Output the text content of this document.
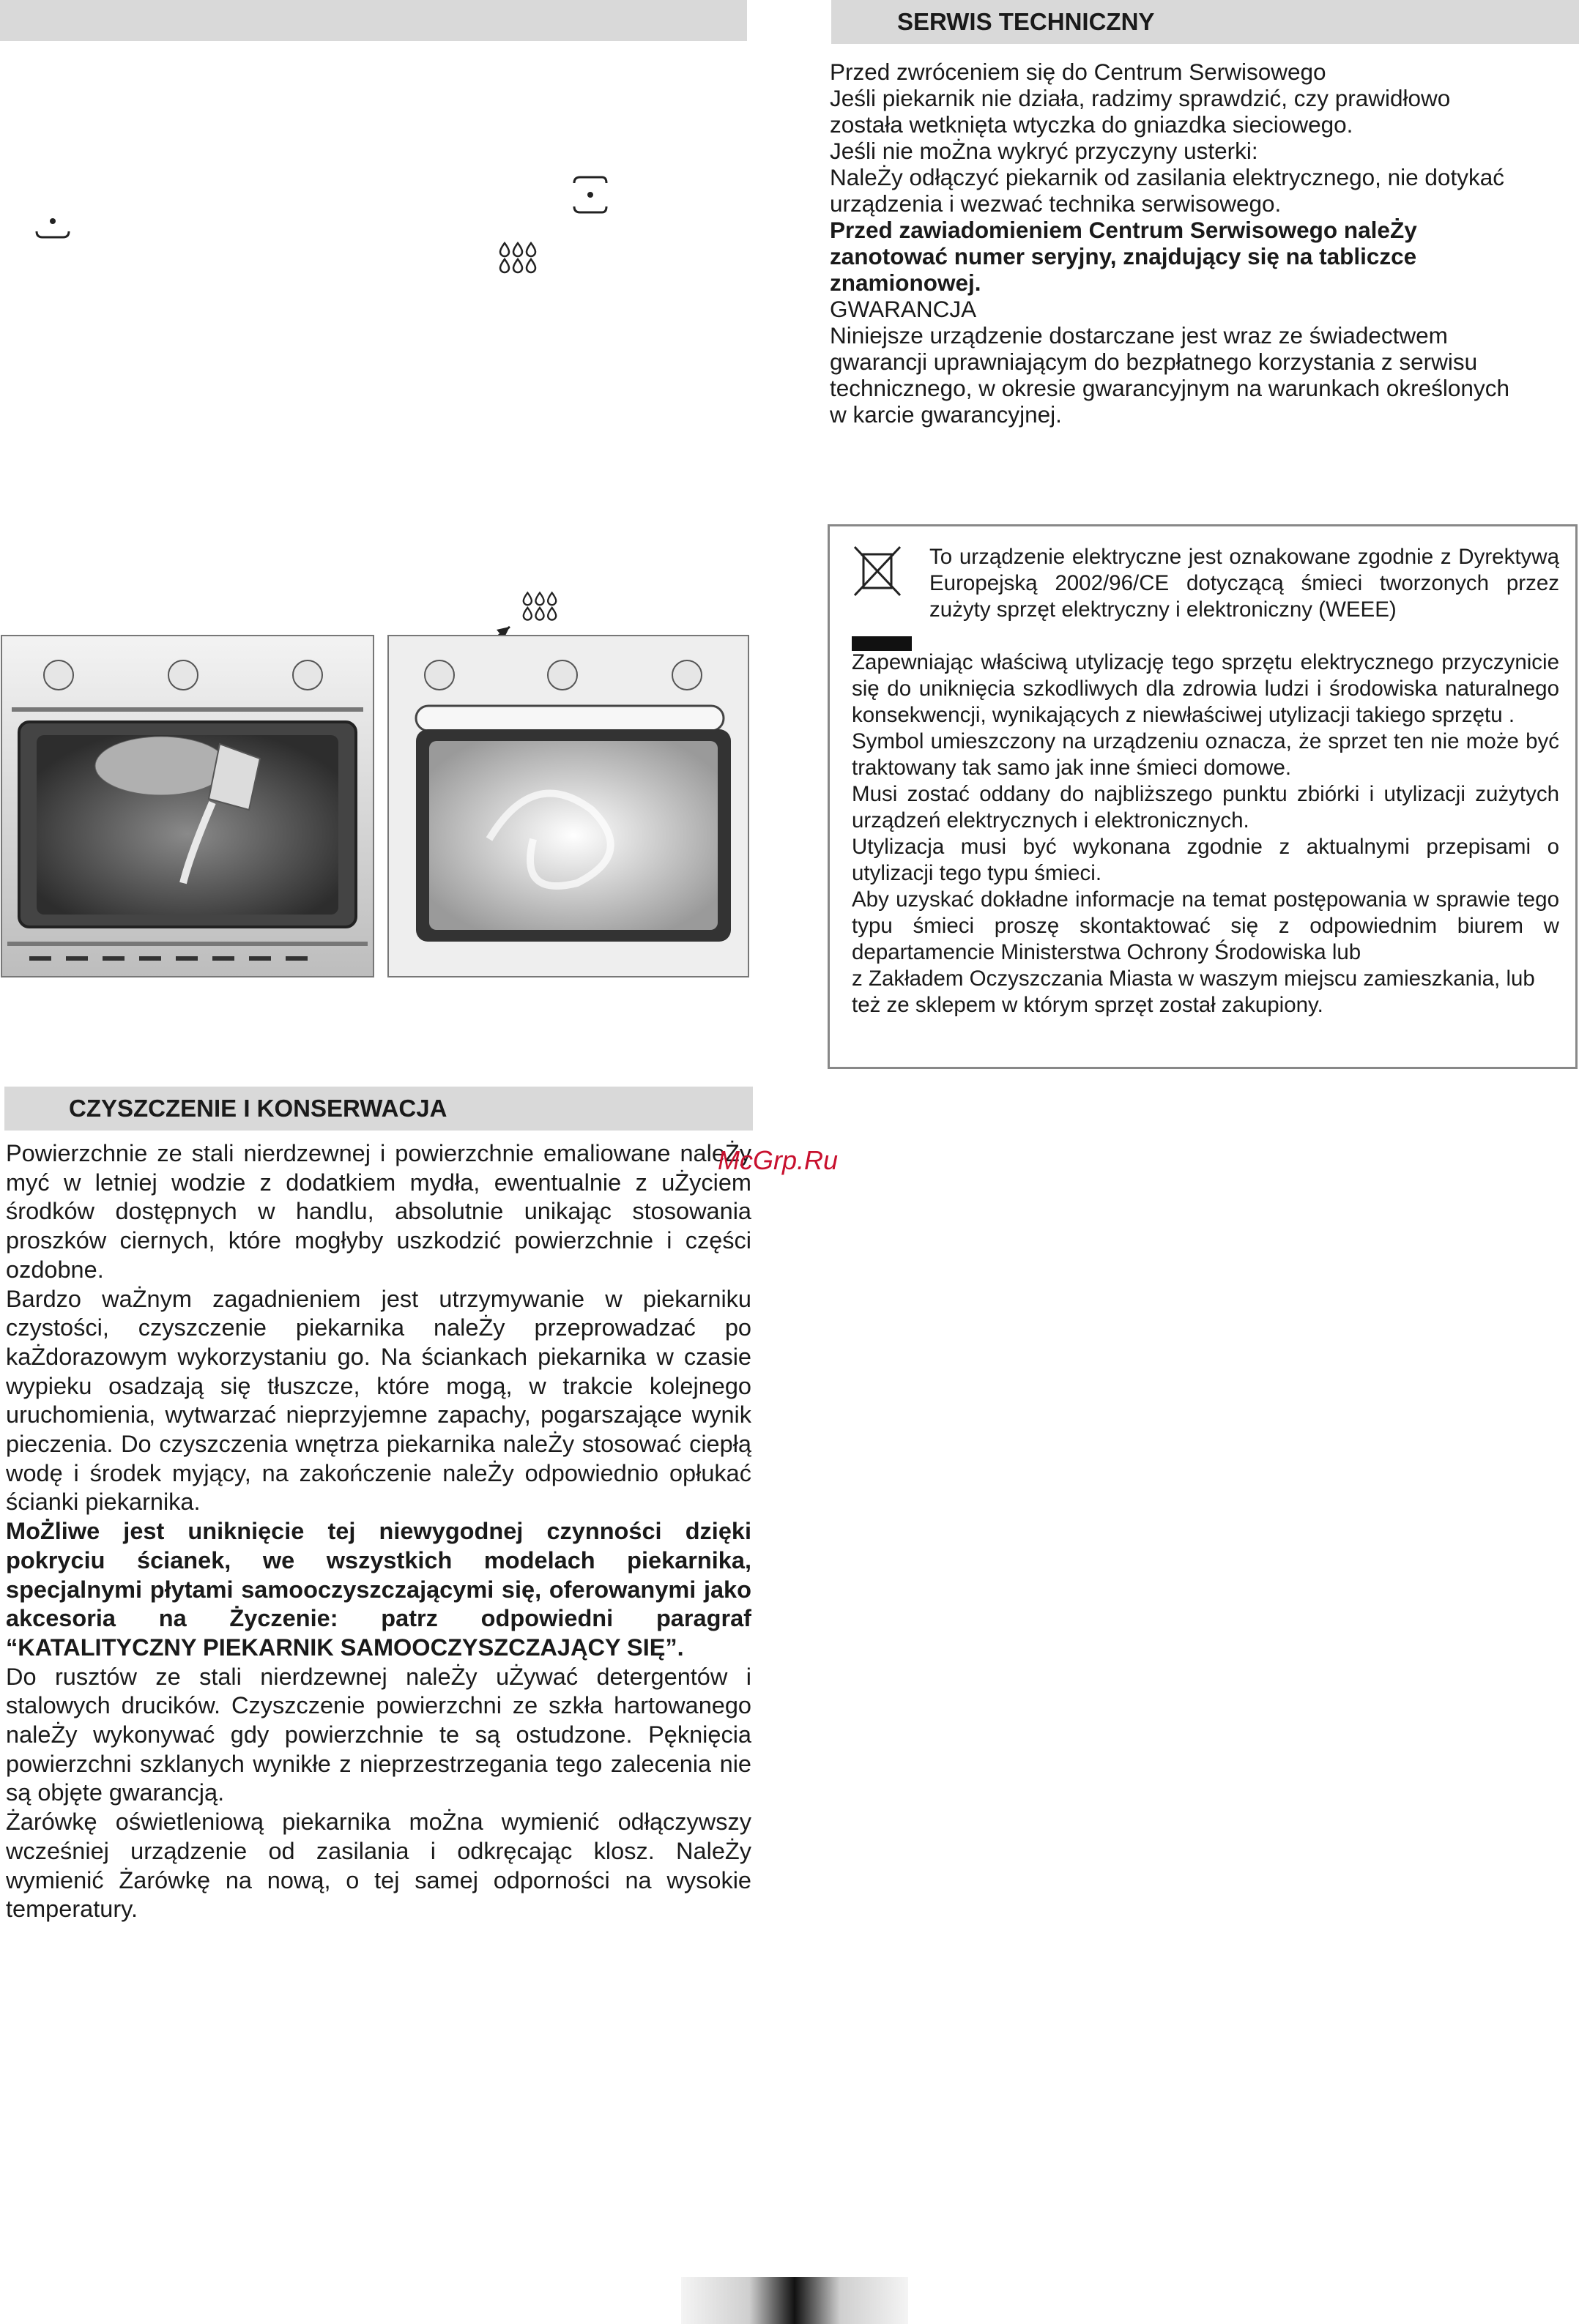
SERWIS TECHNICZNY

Przed zwróceniem się do Centrum Serwisowego

Jeśli piekarnik nie działa, radzimy sprawdzić, czy prawidłowo

została wetknięta wtyczka do gniazdka sieciowego.

Jeśli nie moŻna wykryć przyczyny usterki:

NaleŻy odłączyć piekarnik od zasilania elektrycznego, nie dotykać

urządzenia i wezwać technika serwisowego.

Przed zawiadomieniem Centrum Serwisowego naleŻy

zanotować numer seryjny, znajdujący się na tabliczce

znamionowej.

GWARANCJA

Niniejsze urządzenie dostarczane jest wraz ze świadectwem

gwarancji uprawniającym do bezpłatnego korzystania z serwisu

technicznego, w okresie gwarancyjnym na warunkach określonych

w karcie gwarancyjnej.

To urządzenie elektryczne jest oznakowane zgodnie z Dyrektywą Europejską 2002/96/CE dotyczącą śmieci tworzonych przez zużyty sprzęt elektryczny i elektroniczny (WEEE)

Zapewniając właściwą utylizację tego sprzętu elektrycznego przyczynicie się do uniknięcia szkodliwych dla zdrowia ludzi i środowiska naturalnego konsekwencji, wynikających z niewłaściwej utylizacji takiego sprzętu .

Symbol umieszczony na urządzeniu oznacza, że sprzet ten nie może być traktowany tak samo jak inne śmieci domowe.

Musi zostać oddany do najbliższego punktu zbiórki i utylizacji zużytych urządzeń elektrycznych i elektronicznych.

Utylizacja musi być wykonana zgodnie z aktualnymi przepisami o utylizacji tego typu śmieci.

Aby uzyskać dokładne informacje na temat postępowania w sprawie tego typu śmieci proszę skontaktować się z odpowiednim biurem w departamencie Ministerstwa Ochrony Środowiska lub

z Zakładem Oczyszczania Miasta w waszym miejscu zamieszkania, lub też ze sklepem w którym sprzęt został zakupiony.

CZYSZCZENIE I KONSERWACJA

Powierzchnie ze stali nierdzewnej i powierzchnie emaliowane naleŻy myć w letniej wodzie z dodatkiem mydła, ewentualnie z uŻyciem środków dostępnych w handlu, absolutnie unikając stosowania proszków ciernych, które mogłyby uszkodzić powierzchnie i części ozdobne.

Bardzo waŻnym zagadnieniem jest utrzymywanie w piekarniku czystości, czyszczenie piekarnika naleŻy przeprowadzać po kaŻdorazowym wykorzystaniu go. Na ściankach piekarnika w czasie wypieku osadzają się tłuszcze, które mogą, w trakcie kolejnego uruchomienia, wytwarzać nieprzyjemne zapachy, pogarszające wynik pieczenia. Do czyszczenia wnętrza piekarnika naleŻy stosować ciepłą wodę i środek myjący, na zakończenie naleŻy odpowiednio opłukać ścianki piekarnika.

MoŻliwe jest uniknięcie tej niewygodnej czynności dzięki pokryciu ścianek, we wszystkich modelach piekarnika, specjalnymi płytami samooczyszczającymi się, oferowanymi jako akcesoria na Życzenie: patrz odpowiedni paragraf “KATALITYCZNY PIEKARNIK SAMOOCZYSZCZAJĄCY SIĘ”.

Do rusztów ze stali nierdzewnej naleŻy uŻywać detergentów i stalowych drucików. Czyszczenie powierzchni ze szkła hartowanego naleŻy wykonywać gdy powierzchnie te są ostudzone. Pęknięcia powierzchni szklanych wynikłe z nieprzestrzegania tego zalecenia nie są objęte gwarancją.

Żarówkę oświetleniową piekarnika moŻna wymienić odłączywszy wcześniej urządzenie od zasilania i odkręcając klosz. NaleŻy wymienić Żarówkę na nową, o tej samej odporności na wysokie temperatury.

McGrp.Ru
